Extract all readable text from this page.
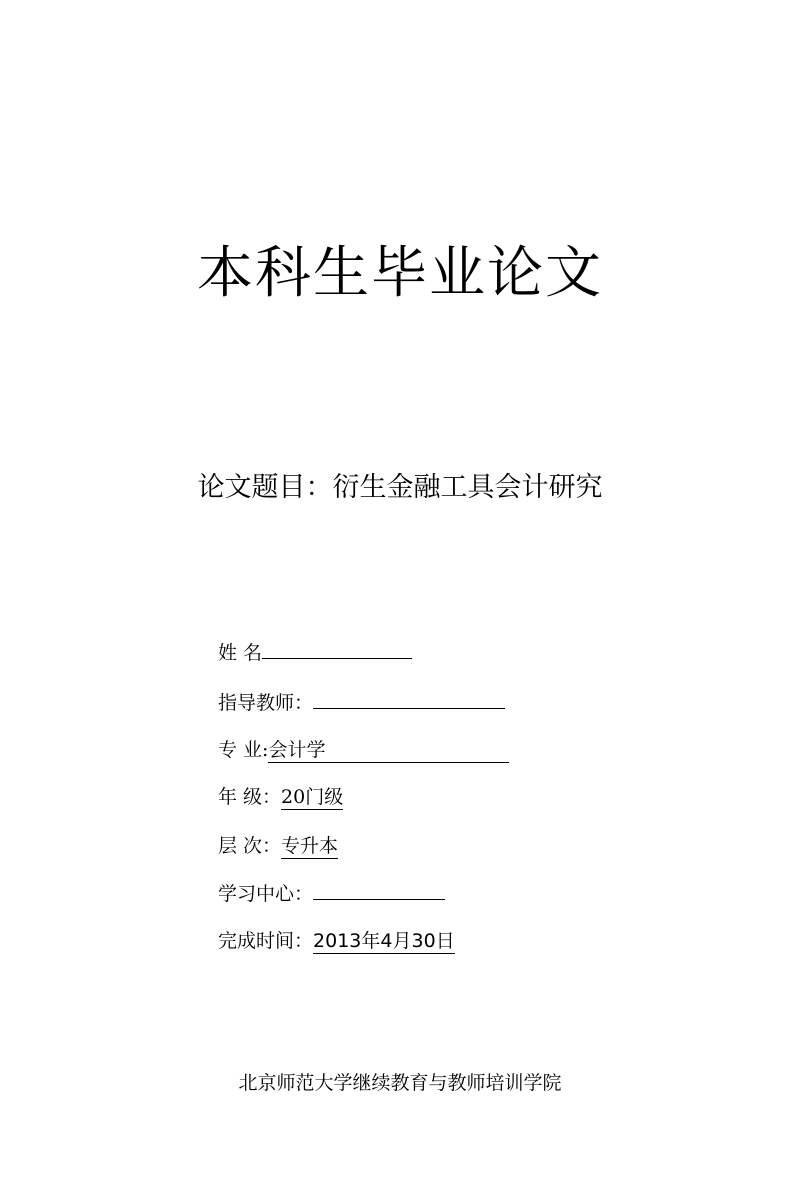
本科生毕业论文
论文题目：衍生金融工具会计研究
姓 名
指导教师：
专 业:会计学
年 级：20门级
层 次：专升本
学习中心：
完成时间：2013年4月30日
北京师范大学继续教育与教师培训学院
